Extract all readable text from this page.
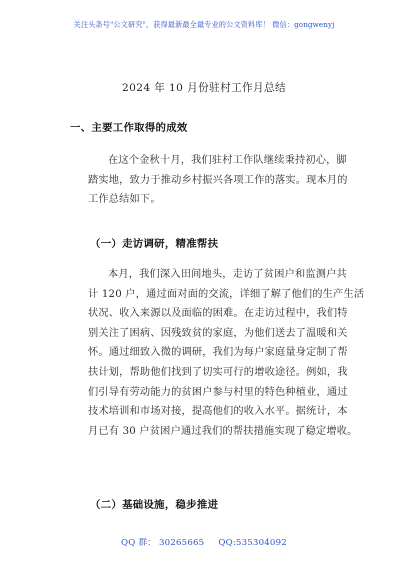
关注头条号"公文研究"，获得最新最全最专业的公文资料库！ 微信：gongwenyj
2024 年 10 月份驻村工作月总结
一、主要工作取得的成效
在这个金秋十月，我们驻村工作队继续秉持初心，脚
踏实地，致力于推动乡村振兴各项工作的落实。现本月的
工作总结如下。
（一）走访调研，精准帮扶
本月，我们深入田间地头，走访了贫困户和监测户共
计 120 户，通过面对面的交流，详细了解了他们的生产生活
状况、收入来源以及面临的困难。在走访过程中，我们特
别关注了困病、因残致贫的家庭，为他们送去了温暖和关
怀。通过细致入微的调研，我们为每户家庭量身定制了帮
扶计划，帮助他们找到了切实可行的增收途径。例如，我
们引导有劳动能力的贫困户参与村里的特色种植业，通过
技术培训和市场对接，提高他们的收入水平。据统计，本
月已有 30 户贫困户通过我们的帮扶措施实现了稳定增收。
（二）基础设施，稳步推进
QQ 群： 30265665 QQ:535304092
